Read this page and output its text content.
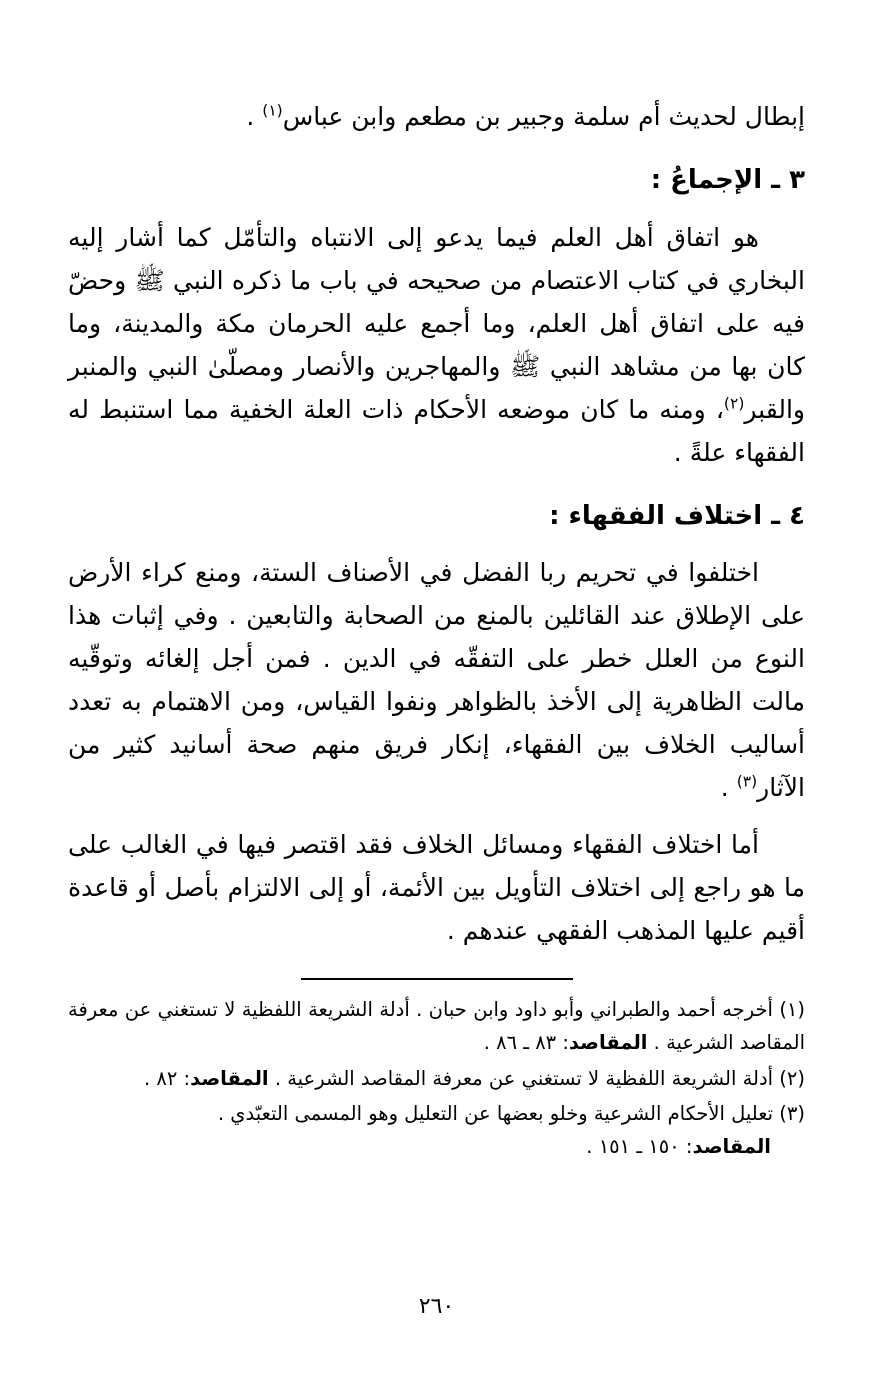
إبطال لحديث أم سلمة وجبير بن مطعم وابن عباس$^{(١)}$ .

٣ ـ الإجماعُ :

هو اتفاق أهل العلم فيما يدعو إلى الانتباه والتأمّل كما أشار إليه البخاري في كتاب الاعتصام من صحيحه في باب ما ذكره النبي ﷺ وحضّ فيه على اتفاق أهل العلم، وما أجمع عليه الحرمان مكة والمدينة، وما كان بها من مشاهد النبي ﷺ والمهاجرين والأنصار ومصلّىٰ النبي والمنبر والقبر$^{(٢)}$، ومنه ما كان موضعه الأحكام ذات العلة الخفية مما استنبط له الفقهاء علةً .

٤ ـ اختلاف الفقهاء :

اختلفوا في تحريم ربا الفضل في الأصناف الستة، ومنع كراء الأرض على الإطلاق عند القائلين بالمنع من الصحابة والتابعين . وفي إثبات هذا النوع من العلل خطر على التفقّه في الدين . فمن أجل إلغائه وتوقّيه مالت الظاهرية إلى الأخذ بالظواهر ونفوا القياس، ومن الاهتمام به تعدد أساليب الخلاف بين الفقهاء، إنكار فريق منهم صحة أسانيد كثير من الآثار$^{(٣)}$ .

أما اختلاف الفقهاء ومسائل الخلاف فقد اقتصر فيها في الغالب على ما هو راجع إلى اختلاف التأويل بين الأئمة، أو إلى الالتزام بأصل أو قاعدة أقيم عليها المذهب الفقهي عندهم .

(١) أخرجه أحمد والطبراني وأبو داود وابن حبان . أدلة الشريعة اللفظية لا تستغني عن معرفة المقاصد الشرعية . المقاصد: ٨٣ ـ ٨٦ .

(٢) أدلة الشريعة اللفظية لا تستغني عن معرفة المقاصد الشرعية . المقاصد: ٨٢ .

(٣) تعليل الأحكام الشرعية وخلو بعضها عن التعليل وهو المسمى التعبّدي .
المقاصد: ١٥٠ ـ ١٥١ .

٢٦٠
